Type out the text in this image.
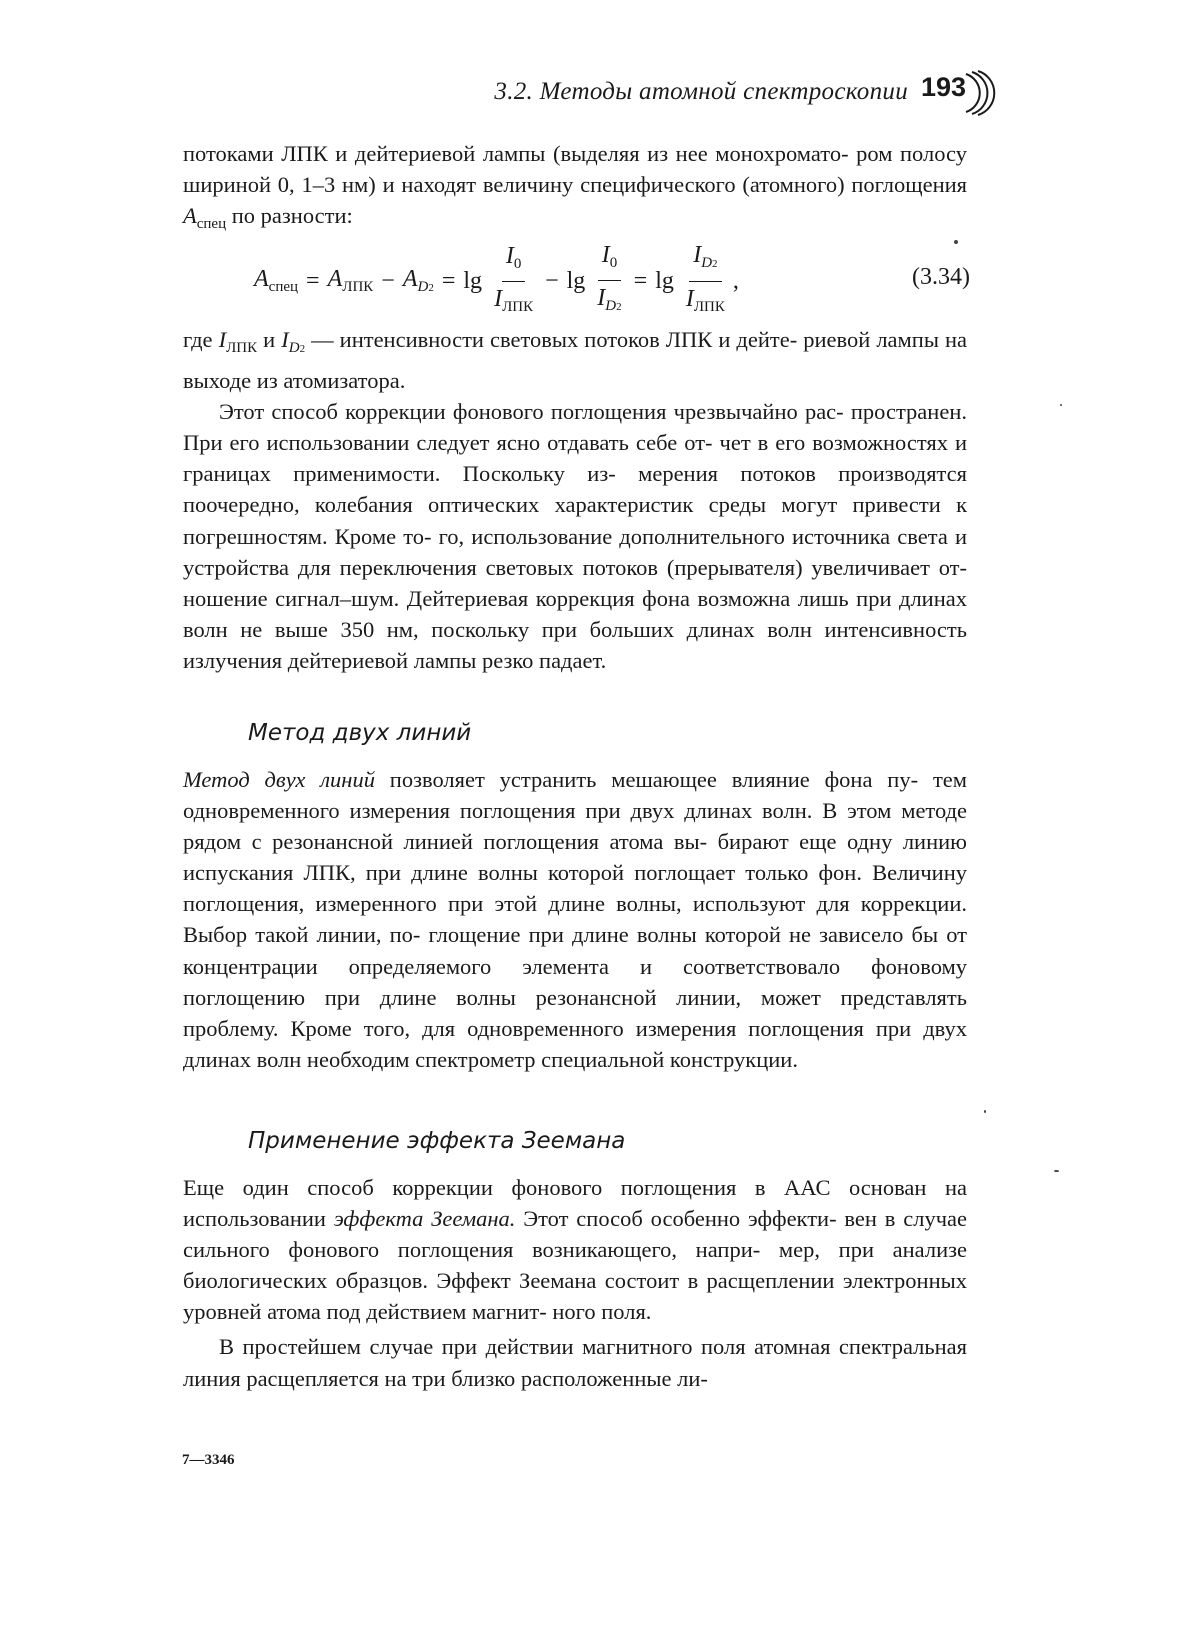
3.2. Методы атомной спектроскопии 193

потоками ЛПК и дейтериевой лампы (выделяя из нее монохромато- ром полосу шириной 0, 1–3 нм) и находят величину специфического (атомного) поглощения $A_{спец}$ по разности:

$A_{спец} = A_{ЛПК} - A_{D2} = \lg \frac{I_0}{I_{ЛПК}} - \lg \frac{I_0}{I_{D2}} = \lg \frac{I_{D2}}{I_{ЛПК}}$ ,	(3.34)

где $I_{ЛПК}$ и $I_{D2}$ — интенсивности световых потоков ЛПК и дейте- риевой лампы на выходе из атомизатора.

Этот способ коррекции фонового поглощения чрезвычайно рас- пространен. При его использовании следует ясно отдавать себе от- чет в его возможностях и границах применимости. Поскольку из- мерения потоков производятся поочередно, колебания оптических характеристик среды могут привести к погрешностям. Кроме то- го, использование дополнительного источника света и устройства для переключения световых потоков (прерывателя) увеличивает от- ношение сигнал–шум. Дейтериевая коррекция фона возможна лишь при длинах волн не выше 350 нм, поскольку при больших длинах волн интенсивность излучения дейтериевой лампы резко падает.

Метод двух линий

Метод двух линий позволяет устранить мешающее влияние фона пу- тем одновременного измерения поглощения при двух длинах волн. В этом методе рядом с резонансной линией поглощения атома вы- бирают еще одну линию испускания ЛПК, при длине волны которой поглощает только фон. Величину поглощения, измеренного при этой длине волны, используют для коррекции. Выбор такой линии, по- глощение при длине волны которой не зависело бы от концентрации определяемого элемента и соответствовало фоновому поглощению при длине волны резонансной линии, может представлять проблему. Кроме того, для одновременного измерения поглощения при двух длинах волн необходим спектрометр специальной конструкции.

Применение эффекта Зеемана

Еще один способ коррекции фонового поглощения в ААС основан на использовании эффекта Зеемана. Этот способ особенно эффекти- вен в случае сильного фонового поглощения возникающего, напри- мер, при анализе биологических образцов. Эффект Зеемана состоит в расщеплении электронных уровней атома под действием магнит- ного поля.

В простейшем случае при действии магнитного поля атомная спектральная линия расщепляется на три близко расположенные ли-

7—3346
